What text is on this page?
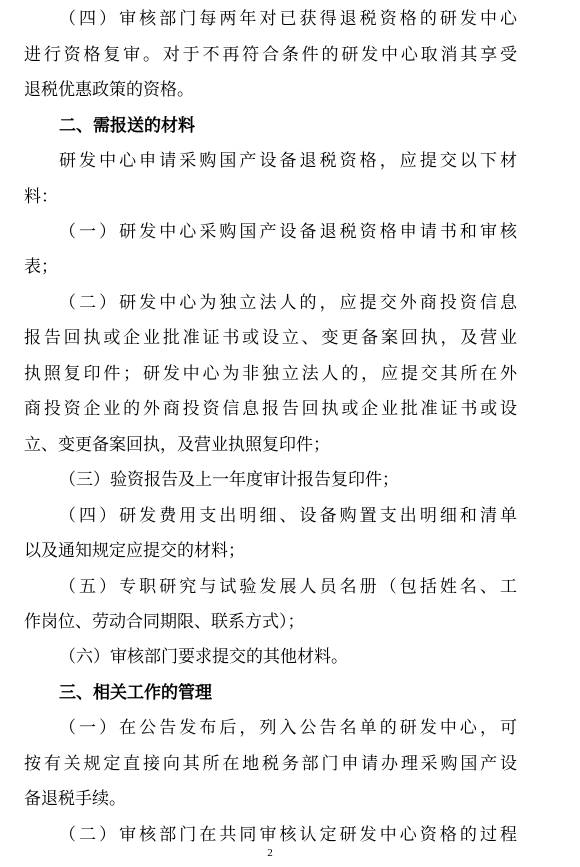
（四）审核部门每两年对已获得退税资格的研发中心
进行资格复审。对于不再符合条件的研发中心取消其享受
退税优惠政策的资格。
二、需报送的材料
研发中心申请采购国产设备退税资格，应提交以下材
料：
（一）研发中心采购国产设备退税资格申请书和审核
表；
（二）研发中心为独立法人的，应提交外商投资信息
报告回执或企业批准证书或设立、变更备案回执，及营业
执照复印件；研发中心为非独立法人的，应提交其所在外
商投资企业的外商投资信息报告回执或企业批准证书或设
立、变更备案回执，及营业执照复印件；
（三）验资报告及上一年度审计报告复印件；
（四）研发费用支出明细、设备购置支出明细和清单
以及通知规定应提交的材料；
（五）专职研究与试验发展人员名册（包括姓名、工
作岗位、劳动合同期限、联系方式）；
（六）审核部门要求提交的其他材料。
三、相关工作的管理
（一）在公告发布后，列入公告名单的研发中心，可
按有关规定直接向其所在地税务部门申请办理采购国产设
备退税手续。
（二）审核部门在共同审核认定研发中心资格的过程
2
